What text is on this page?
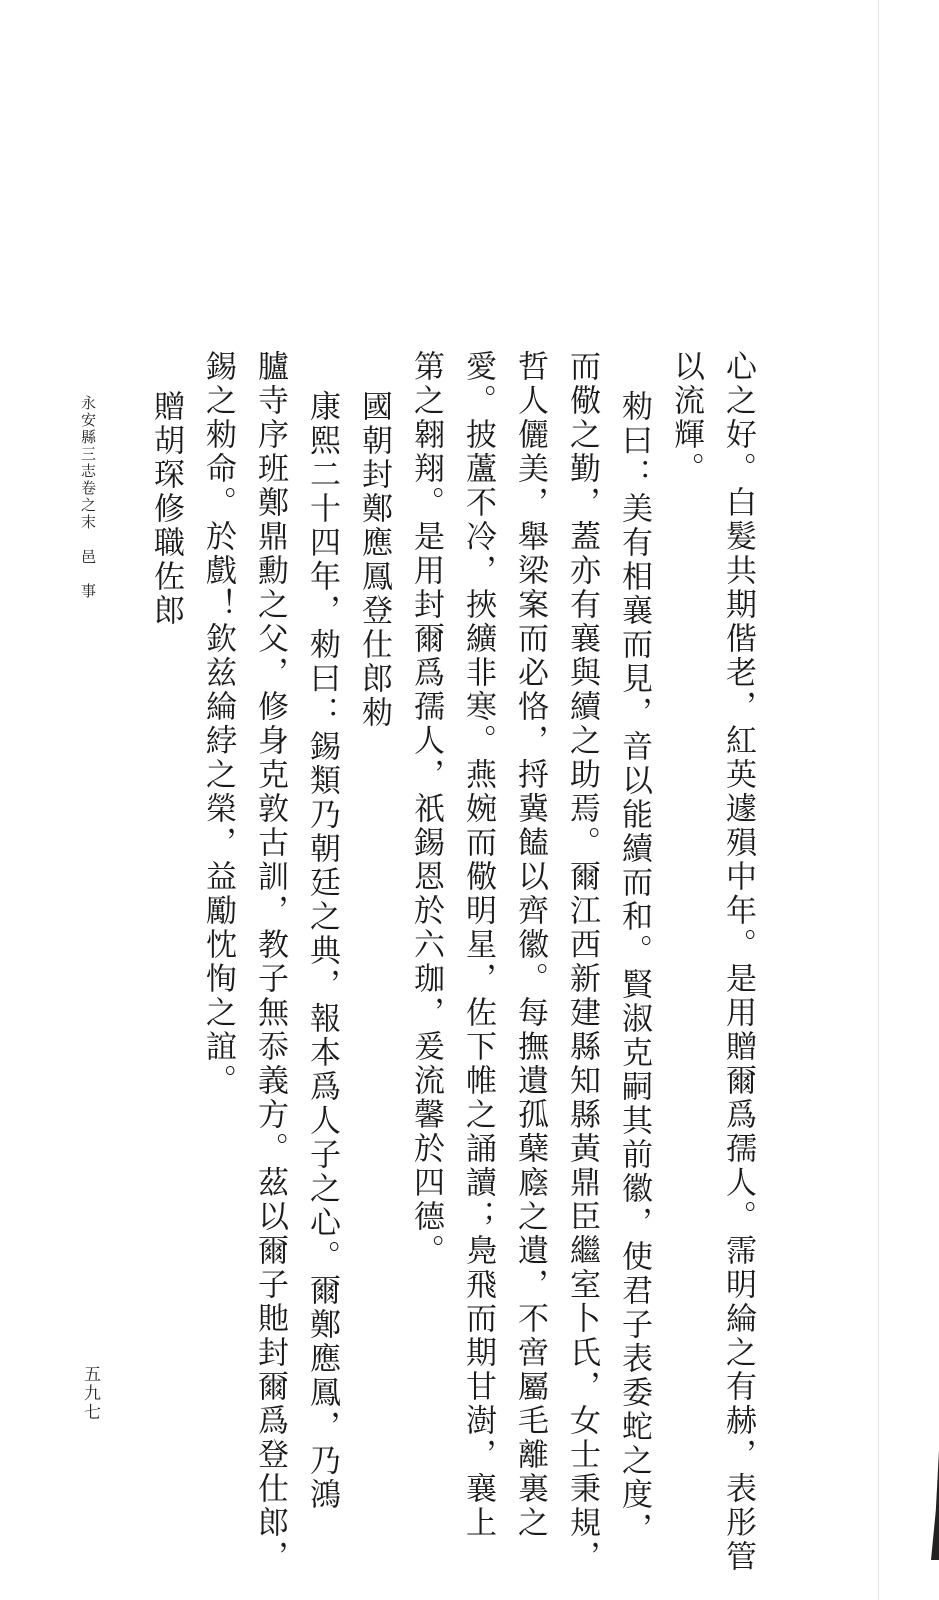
心之好。白髮共期偕老，紅英遽殞中年。是用贈爾爲孺人。霈明綸之有赫，表彤管
以流輝。
勑曰：美有相襄而見，音以能續而和。賢淑克嗣其前徽，使君子表委蛇之度，
而儆之勤，蓋亦有襄與續之助焉。爾江西新建縣知縣黃鼎臣繼室卜氏，女士秉規，
哲人儷美，舉梁案而必恪，捋冀饁以齊徽。每撫遺孤蘖廕之遺，不啻屬毛離裏之
愛。披蘆不冷，挾纊非寒。燕婉而儆明星，佐下帷之誦讀；鳧飛而期甘澍，襄上
第之翱翔。是用封爾爲孺人，祇錫恩於六珈，爰流馨於四德。
國朝封鄭應鳳登仕郎勑
康熙二十四年，勑曰：錫類乃朝廷之典，報本爲人子之心。爾鄭應鳳，乃鴻
臚寺序班鄭鼎勳之父，修身克敦古訓，教子無忝義方。茲以爾子貤封爾爲登仕郎，
錫之勑命。於戲！欽兹綸綍之榮，益勵忱恂之誼。
贈胡琛修職佐郎
永安縣三志卷之末邑　事
五九七
